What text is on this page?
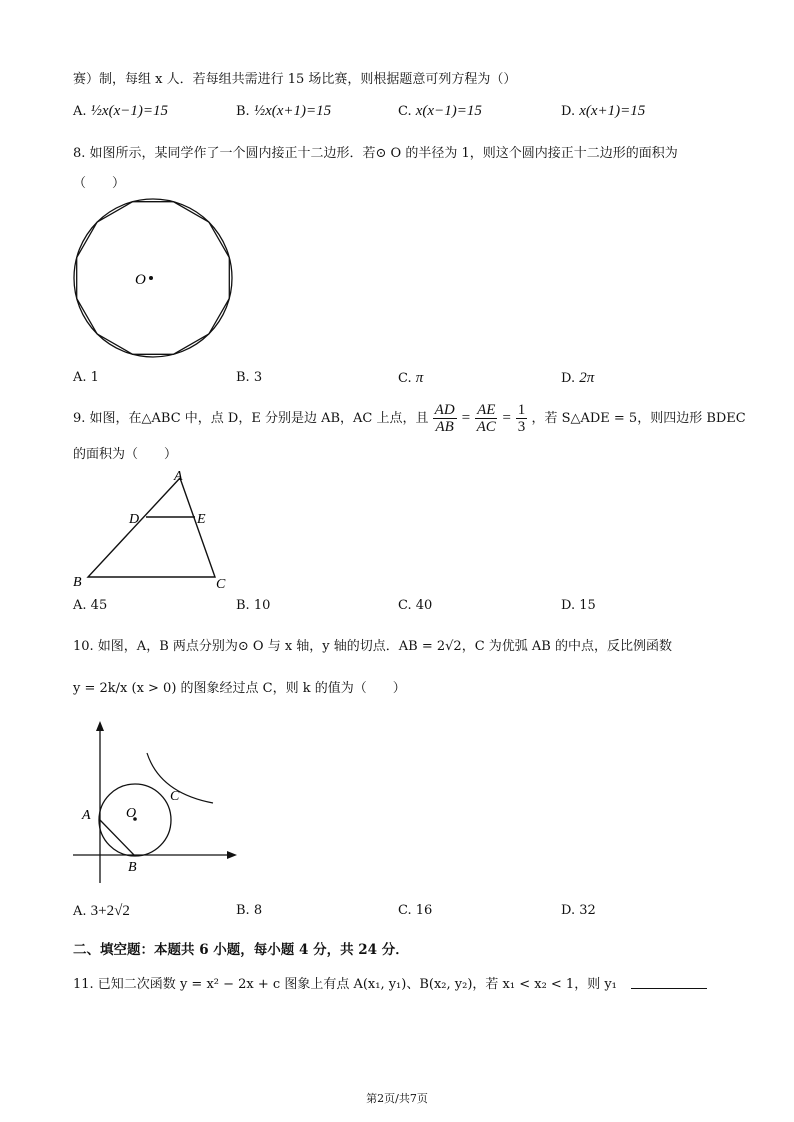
赛）制，每组 x 人．若每组共需进行 15 场比赛，则根据题意可列方程为（）
A. ½x(x−1)=15	B. ½x(x+1)=15	C. x(x−1)=15	D. x(x+1)=15
8. 如图所示，某同学作了一个圆内接正十二边形．若⊙ O 的半径为 1，则这个圆内接正十二边形的面积为
（　　）
O
A. 1	B. 3	C. π	D. 2π
9. 如图，在△ABC 中，点 D，E 分别是边 AB，AC 上点，且 $\frac{AD}{AB} = \frac{AE}{AC} = \frac{1}{3}$ ，若 S△ADE = 5，则四边形 BDEC
的面积为（　　）
A
D	E
B	C
A. 45	B. 10	C. 40	D. 15
10. 如图，A，B 两点分别为⊙ O 与 x 轴，y 轴的切点．AB = 2√2，C 为优弧 AB 的中点，反比例函数
y = 2k/x (x > 0) 的图象经过点 C，则 k 的值为（　　）
A	O
C
B
A. 3+2√2	B. 8	C. 16	D. 32
二、填空题：本题共 6 小题，每小题 4 分，共 24 分．
11. 已知二次函数 y = x² − 2x + c 图象上有点 A(x₁, y₁)、B(x₂, y₂)，若 x₁ < x₂ < 1，则 y₁
第2页/共7页
